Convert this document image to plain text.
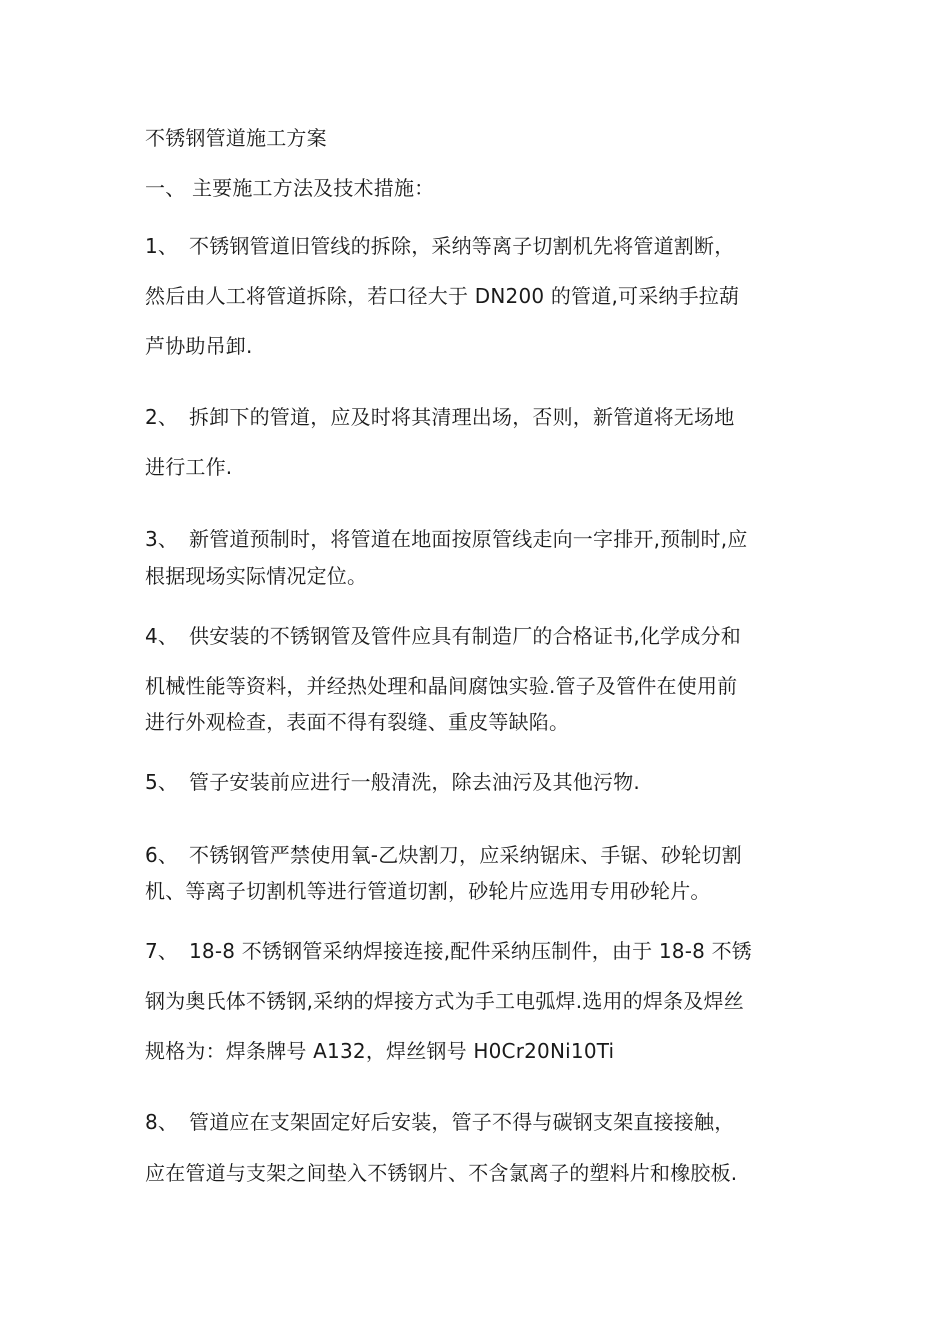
不锈钢管道施工方案
一、 主要施工方法及技术措施：
1、 不锈钢管道旧管线的拆除，采纳等离子切割机先将管道割断，
然后由人工将管道拆除，若口径大于 DN200 的管道,可采纳手拉葫
芦协助吊卸.
2、 拆卸下的管道，应及时将其清理出场，否则，新管道将无场地
进行工作.
3、 新管道预制时，将管道在地面按原管线走向一字排开,预制时,应
根据现场实际情况定位。
4、 供安装的不锈钢管及管件应具有制造厂的合格证书,化学成分和
机械性能等资料，并经热处理和晶间腐蚀实验.管子及管件在使用前
进行外观检查，表面不得有裂缝、重皮等缺陷。
5、 管子安装前应进行一般清洗，除去油污及其他污物.
6、 不锈钢管严禁使用氧-乙炔割刀，应采纳锯床、手锯、砂轮切割
机、等离子切割机等进行管道切割，砂轮片应选用专用砂轮片。
7、 18-8 不锈钢管采纳焊接连接,配件采纳压制件，由于 18-8 不锈
钢为奥氏体不锈钢,采纳的焊接方式为手工电弧焊.选用的焊条及焊丝
规格为：焊条牌号 A132，焊丝钢号 H0Cr20Ni10Ti
8、 管道应在支架固定好后安装，管子不得与碳钢支架直接接触，
应在管道与支架之间垫入不锈钢片、不含氯离子的塑料片和橡胶板.
